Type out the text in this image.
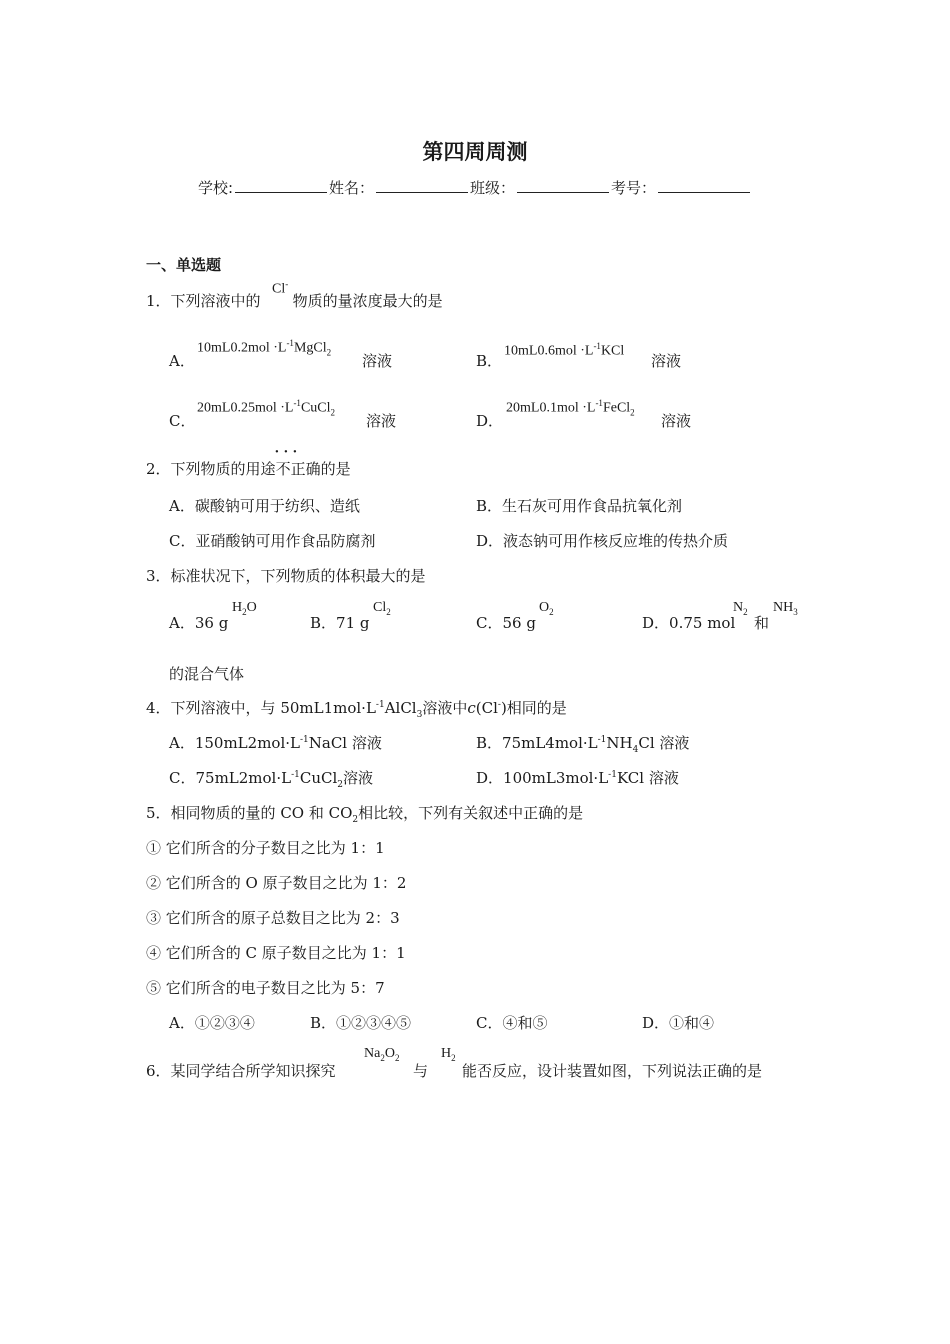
第四周周测
学校:	姓名：	班级：	考号：
一、单选题
1．下列溶液中的 物质的量浓度最大的是
Cl-
A．
$10mL0.2mol \cdot L^{-1}MgCl_2$ 溶液	B．
$10mL0.6mol \cdot L^{-1}KCl$
溶液
C．
$20mL0.25mol \cdot L^{-1}CuCl_2$ 溶液	D．
$20mL0.1mol \cdot L^{-1}FeCl_2$ 溶液
2．下列物质的用途· · · 不正确的是
A．碳酸钠可用于纺织、造纸	B．生石灰可用作食品抗氧化剂
C．亚硝酸钠可用作食品防腐剂	D．液态钠可用作核反应堆的传热介质
3．标准状况下，下列物质的体积最大的是
A．36 g
$H_2O$
B．71 g
$Cl_2$
C．56 g
$O_2$
D．0.75 mol
$N_2$
和
$NH_3$
的混合气体
4．下列溶液中，与 $50mL1mol\cdot L^{-1}AlCl_3$溶液中c(Cl-)相同的是
A．$150mL2mol\cdot L^{-1}NaCl$ 溶液	B．$75mL4mol\cdot L^{-1}NH_4Cl$ 溶液
C．$75mL2mol\cdot L^{-1}CuCl_2$溶液	D．$100mL3mol\cdot L^{-1}KCl$ 溶液
5．相同物质的量的 CO 和 $CO_2$相比较，下列有关叙述中正确的是
① 它们所含的分子数目之比为 1：1
② 它们所含的 O 原子数目之比为 1：2
③ 它们所含的原子总数目之比为 2：3
④ 它们所含的 C 原子数目之比为 1：1
⑤ 它们所含的电子数目之比为 5：7
A．①②③④	B．①②③④⑤	C．④和⑤	D．①和④
6．某同学结合所学知识探究
$Na_2O_2$
与
$H_2$
能否反应，设计装置如图，下列说法正确的是
